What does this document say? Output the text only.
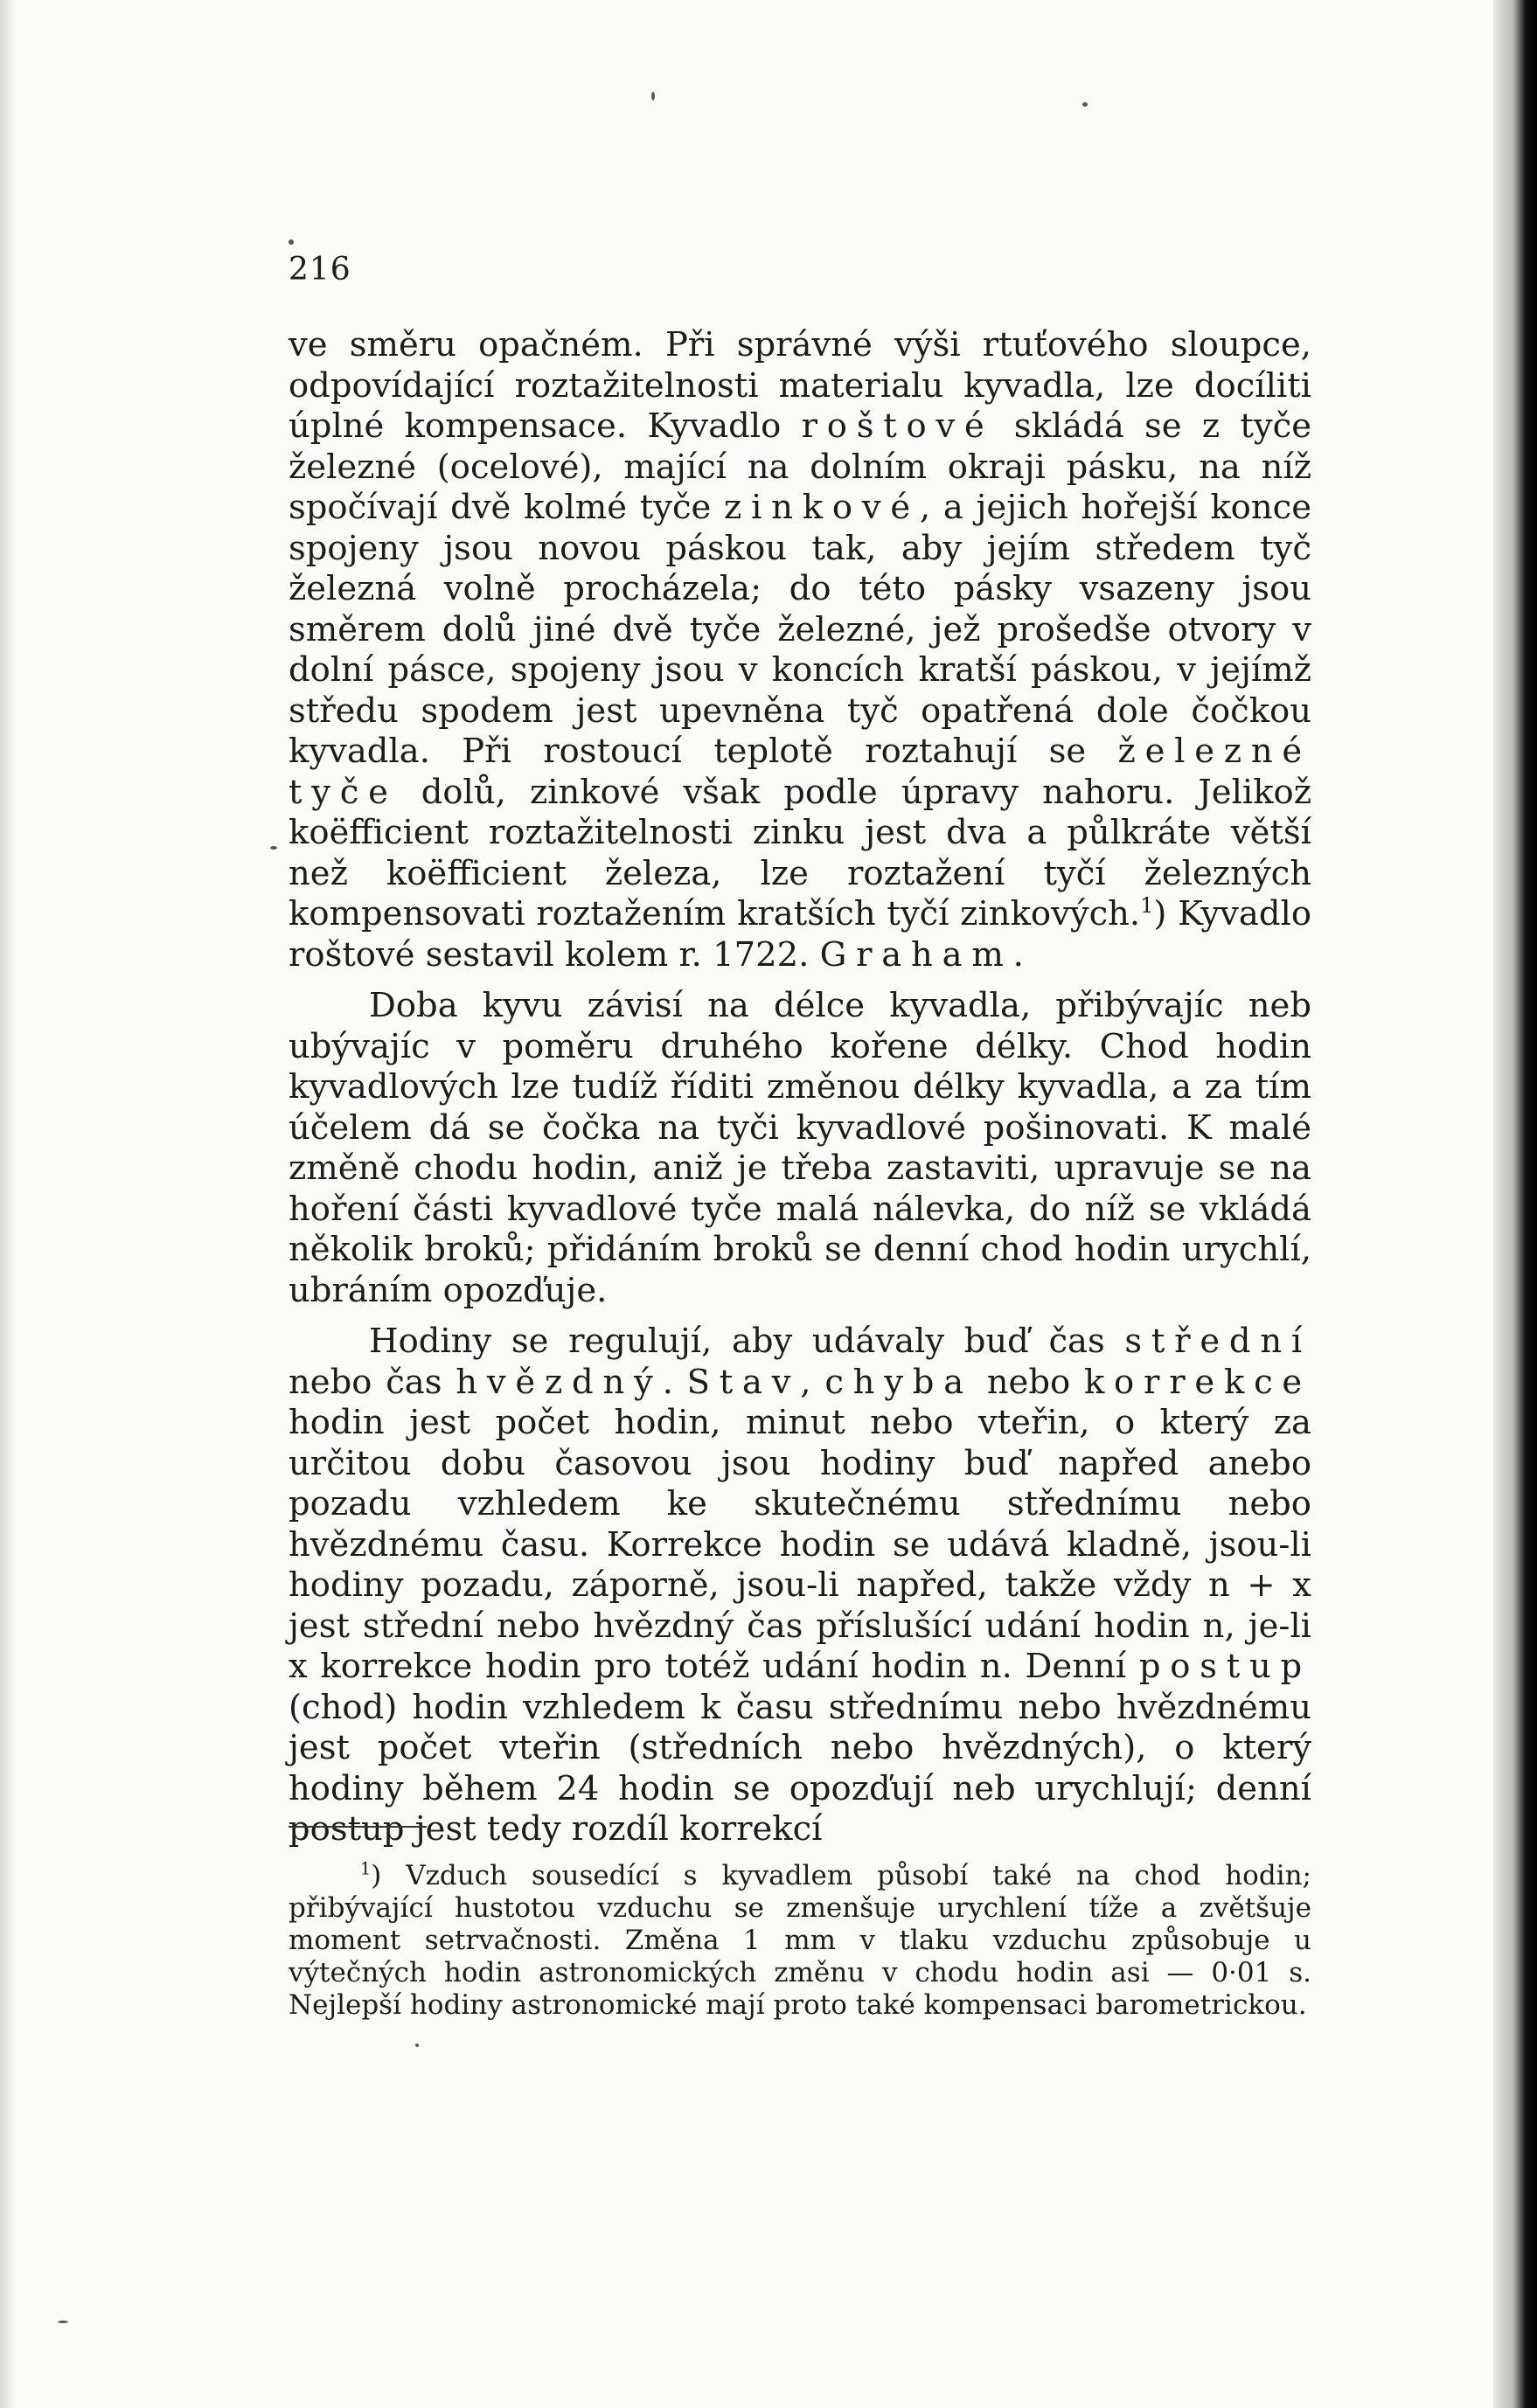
216

ve směru opačném. Při správné výši rtuťového sloupce, odpovídající roztažitelnosti materialu kyvadla, lze docíliti úplné kompensace. Kyvadlo roštové skládá se z tyče železné (ocelové), mající na dolním okraji pásku, na níž spočívají dvě kolmé tyče zinkové, a jejich hořejší konce spojeny jsou novou páskou tak, aby jejím středem tyč železná volně procházela; do této pásky vsazeny jsou směrem dolů jiné dvě tyče železné, jež prošedše otvory v dolní pásce, spojeny jsou v koncích kratší páskou, v jejímž středu spodem jest upevněna tyč opatřená dole čočkou kyvadla. Při rostoucí teplotě roztahují se železné tyče dolů, zinkové však podle úpravy nahoru. Jelikož koëfficient roztažitelnosti zinku jest dva a půlkráte větší než koëfficient železa, lze roztažení tyčí železných kompensovati roztažením kratších tyčí zinkových.$^1$) Kyvadlo roštové sestavil kolem r. 1722. Graham.

Doba kyvu závisí na délce kyvadla, přibývajíc neb ubývajíc v poměru druhého kořene délky. Chod hodin kyvadlových lze tudíž říditi změnou délky kyvadla, a za tím účelem dá se čočka na tyči kyvadlové pošinovati. K malé změně chodu hodin, aniž je třeba zastaviti, upravuje se na hoření části kyvadlové tyče malá nálevka, do níž se vkládá několik broků; přidáním broků se denní chod hodin urychlí, ubráním opozďuje.

Hodiny se regulují, aby udávaly buď čas střední nebo čas hvězdný. Stav, chyba nebo korrekce hodin jest počet hodin, minut nebo vteřin, o který za určitou dobu časovou jsou hodiny buď napřed anebo pozadu vzhledem ke skutečnému střednímu nebo hvězdnému času. Korrekce hodin se udává kladně, jsou-li hodiny pozadu, záporně, jsou-li napřed, takže vždy n + x jest střední nebo hvězdný čas příslušící udání hodin n, je-li x korrekce hodin pro totéž udání hodin n. Denní postup (chod) hodin vzhledem k času střednímu nebo hvězdnému jest počet vteřin (středních nebo hvězdných), o který hodiny během 24 hodin se opozďují neb urychlují; denní postup jest tedy rozdíl korrekcí

$^1$) Vzduch sousedící s kyvadlem působí také na chod hodin; přibývající hustotou vzduchu se zmenšuje urychlení tíže a zvětšuje moment setrvačnosti. Změna 1 mm v tlaku vzduchu způsobuje u výtečných hodin astronomických změnu v chodu hodin asi — 0·01 s. Nejlepší hodiny astronomické mají proto také kompensaci barometrickou.
